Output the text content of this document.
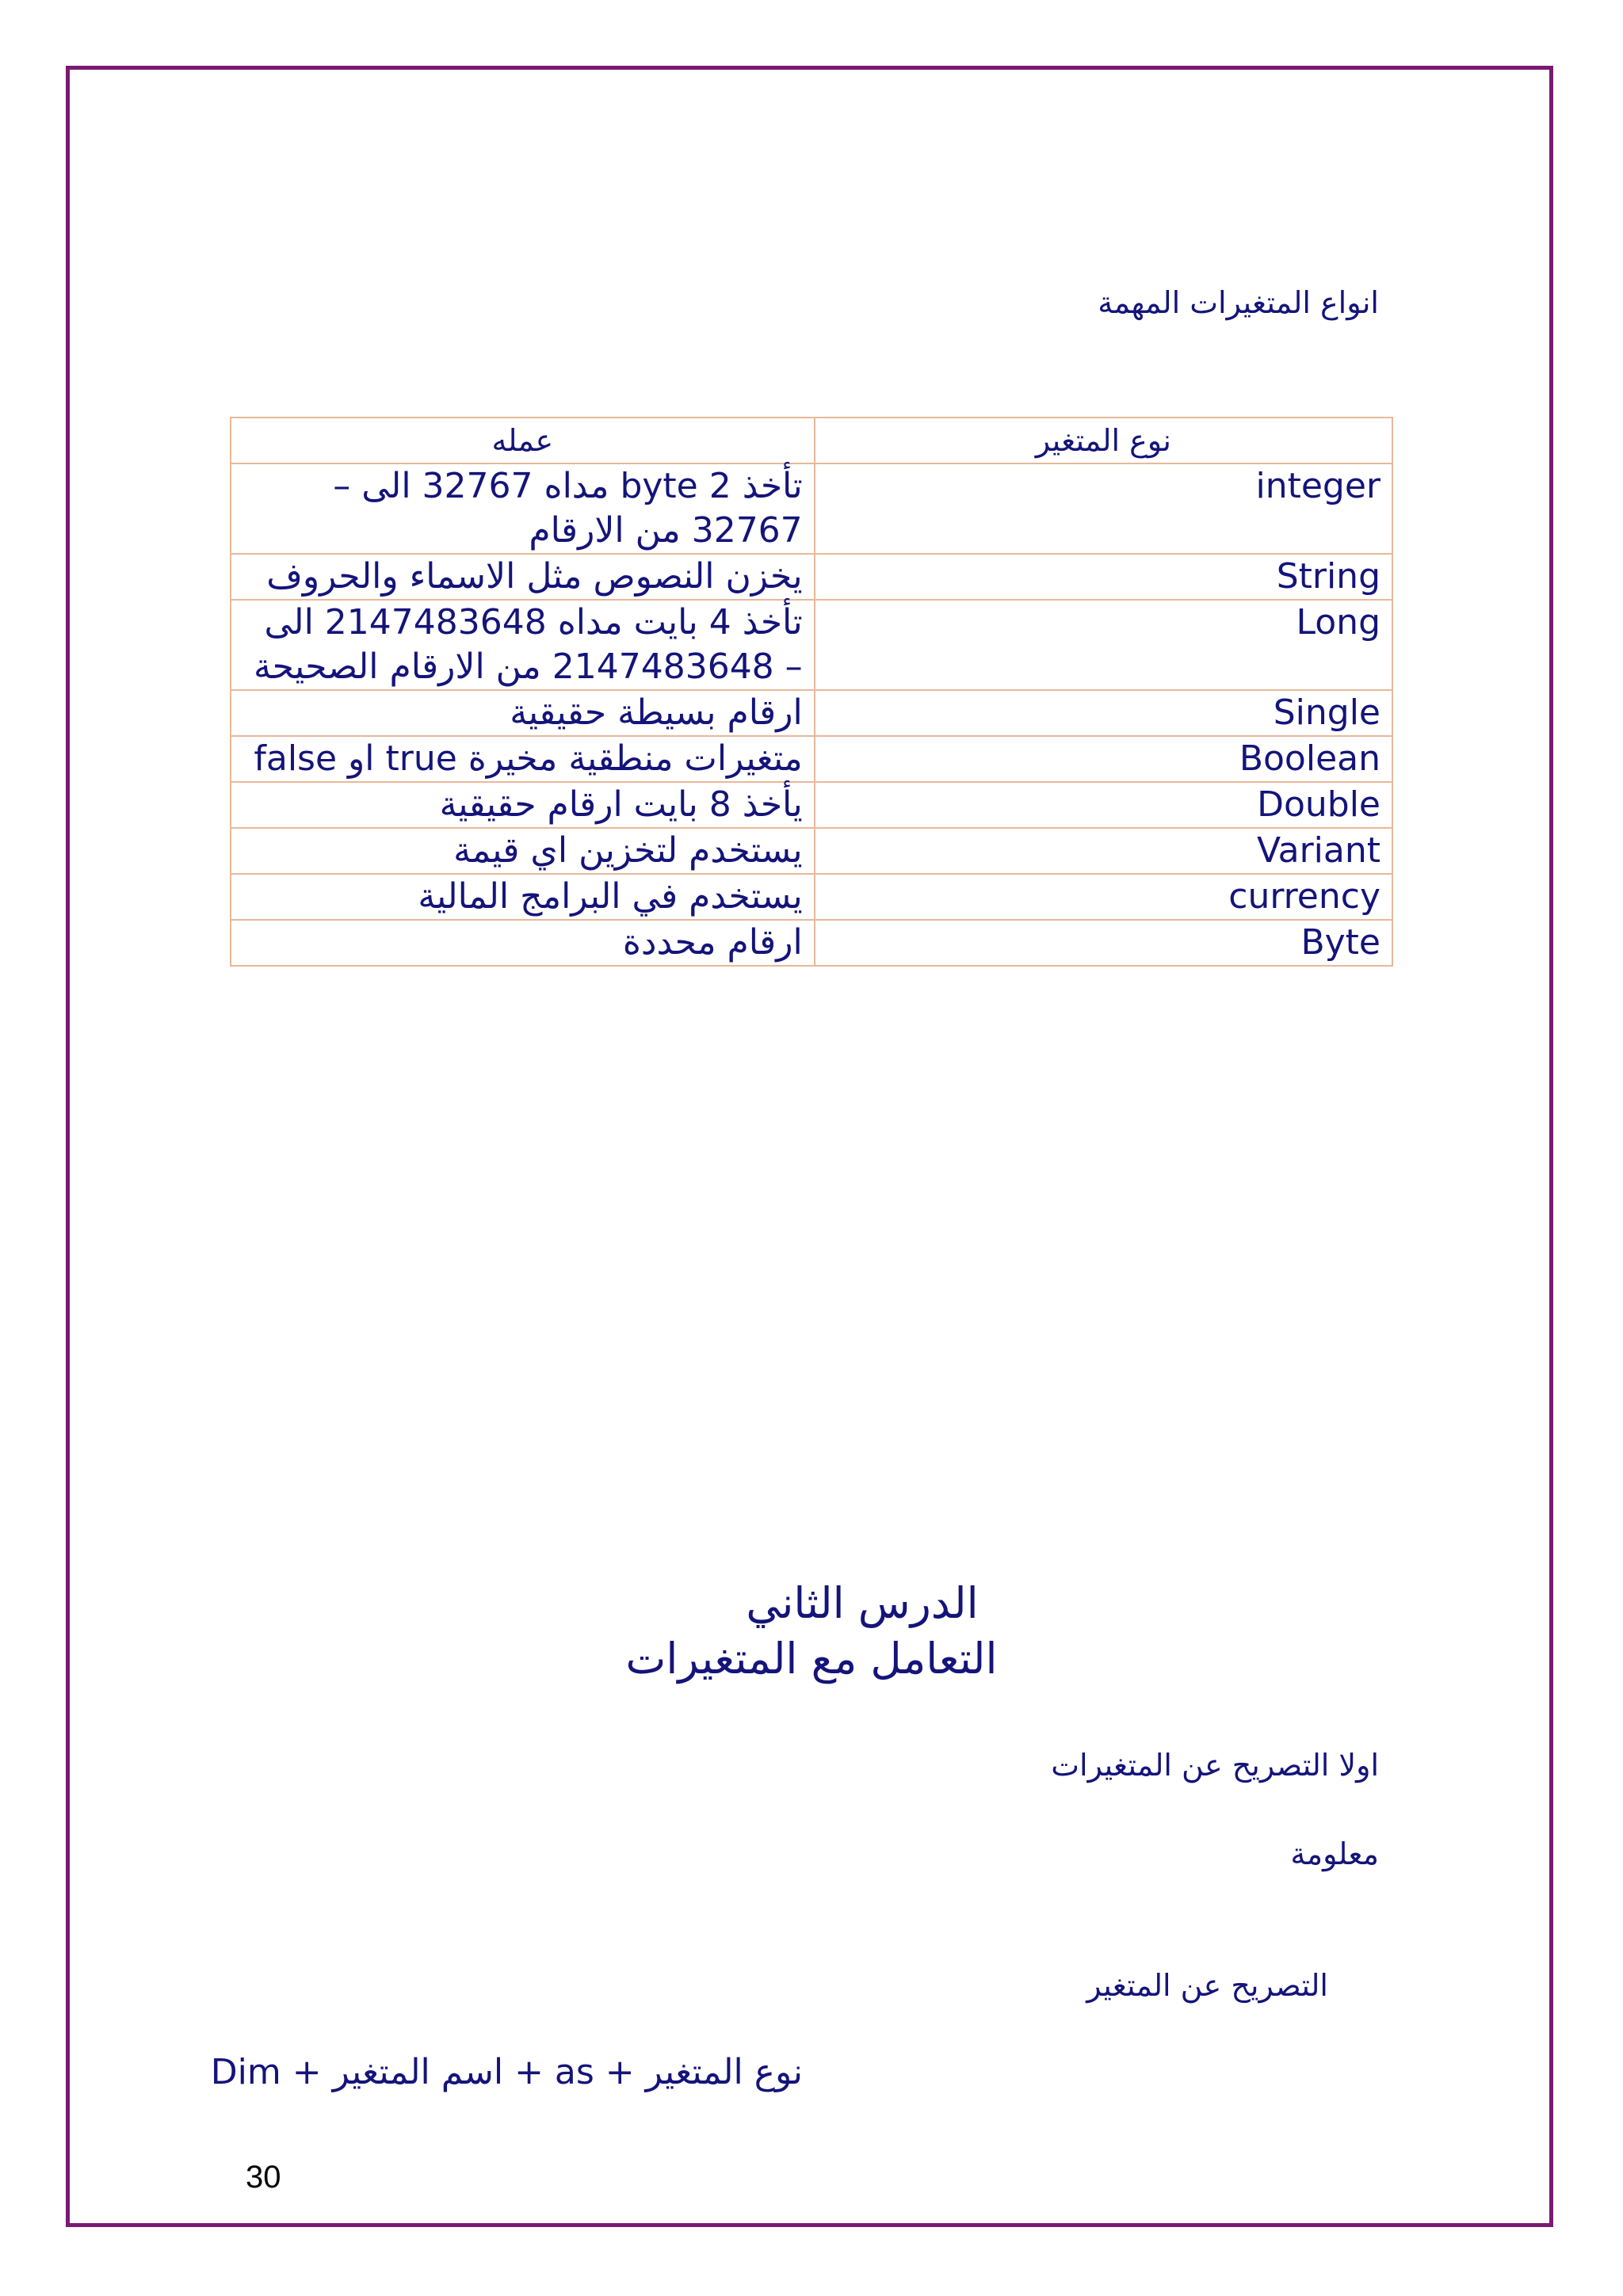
انواع المتغيرات المهمة
نوع المتغير	عمله
integer	تأخذ 2 byte مداه 32767 الى – 32767 من الارقام
String	يخزن النصوص مثل الاسماء والحروف
Long	تأخذ 4 بايت مداه 2147483648 الى – 2147483648 من الارقام الصحيحة
Single	ارقام بسيطة حقيقية
Boolean	متغيرات منطقية مخيرة true او false
Double	يأخذ 8 بايت ارقام حقيقية
Variant	يستخدم لتخزين اي قيمة
currency	يستخدم في البرامج المالية
Byte	ارقام محددة
الدرس الثاني
التعامل مع المتغيرات
اولا التصريح عن المتغيرات
معلومة
التصريح عن المتغير
نوع المتغير + as + اسم المتغير + Dim
30
